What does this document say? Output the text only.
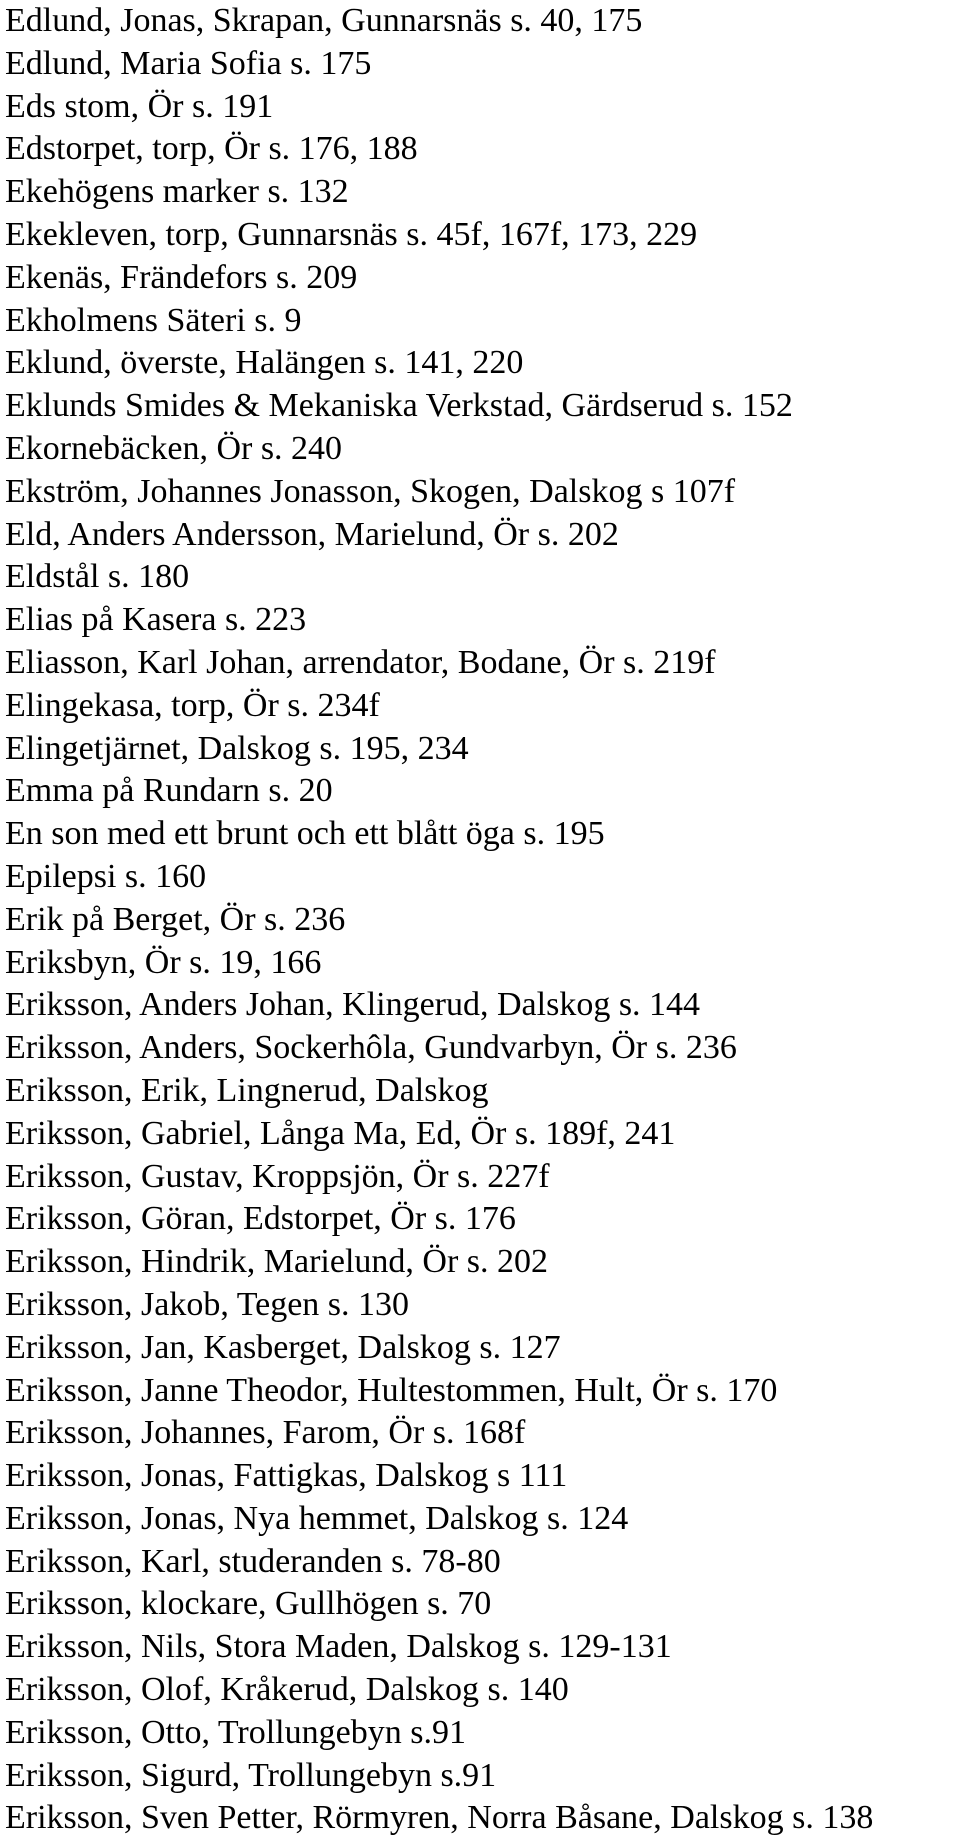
Edlund, Jonas, Skrapan, Gunnarsnäs s. 40, 175
Edlund, Maria Sofia s. 175
Eds stom, Ör s. 191
Edstorpet, torp, Ör s. 176, 188
Ekehögens marker s. 132
Ekekleven, torp, Gunnarsnäs s. 45f, 167f, 173, 229
Ekenäs, Frändefors s. 209
Ekholmens Säteri s. 9
Eklund, överste, Halängen s. 141, 220
Eklunds Smides & Mekaniska Verkstad, Gärdserud s. 152
Ekornebäcken, Ör s. 240
Ekström, Johannes Jonasson, Skogen, Dalskog s 107f
Eld, Anders Andersson, Marielund, Ör s. 202
Eldstål s. 180
Elias på Kasera s. 223
Eliasson, Karl Johan, arrendator, Bodane, Ör s. 219f
Elingekasa, torp, Ör s. 234f
Elingetjärnet, Dalskog s. 195, 234
Emma på Rundarn s. 20
En son med ett brunt och ett blått öga s. 195
Epilepsi s. 160
Erik på Berget, Ör s. 236
Eriksbyn, Ör s. 19, 166
Eriksson, Anders Johan, Klingerud, Dalskog s. 144
Eriksson, Anders, Sockerhôla, Gundvarbyn, Ör s. 236
Eriksson, Erik, Lingnerud, Dalskog
Eriksson, Gabriel, Långa Ma, Ed, Ör s. 189f, 241
Eriksson, Gustav, Kroppsjön, Ör s. 227f
Eriksson, Göran, Edstorpet, Ör s. 176
Eriksson, Hindrik, Marielund, Ör s. 202
Eriksson, Jakob, Tegen s. 130
Eriksson, Jan, Kasberget, Dalskog s. 127
Eriksson, Janne Theodor, Hultestommen, Hult, Ör s. 170
Eriksson, Johannes, Farom, Ör s. 168f
Eriksson, Jonas, Fattigkas, Dalskog s 111
Eriksson, Jonas, Nya hemmet, Dalskog s. 124
Eriksson, Karl, studeranden s. 78-80
Eriksson, klockare, Gullhögen s. 70
Eriksson, Nils, Stora Maden, Dalskog s. 129-131
Eriksson, Olof, Kråkerud, Dalskog s. 140
Eriksson, Otto, Trollungebyn s.91
Eriksson, Sigurd, Trollungebyn s.91
Eriksson, Sven Petter, Rörmyren, Norra Båsane, Dalskog s. 138
